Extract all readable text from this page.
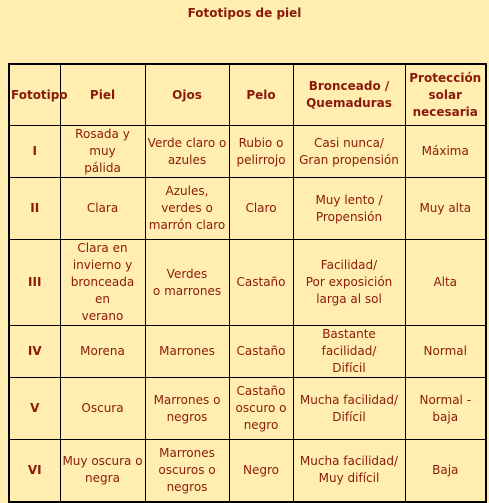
Fototipos de piel
Fototipo	Piel	Ojos	Pelo	Bronceado /
Quemaduras	Protección
solar
necesaria

I	Rosada y muy
pálida	Verde claro o
azules	Rubio o
pelirrojo	Casi nunca/
Gran propensión	Máxima

II	Clara	Azules,
verdes o
marrón claro	Claro	Muy lento /
Propensión	Muy alta

III	Clara en
invierno y
bronceada en
verano	Verdes
o marrones	Castaño	Facilidad/
Por exposición
larga al sol	Alta

IV	Morena	Marrones	Castaño	Bastante facilidad/
Difícil	Normal

V	Oscura	Marrones o
negros	Castaño
oscuro o
negro	Mucha facilidad/
Difícil	Normal - baja

VI	Muy oscura o
negra	Marrones
oscuros o
negros	Negro	Mucha facilidad/
Muy difícil	Baja
